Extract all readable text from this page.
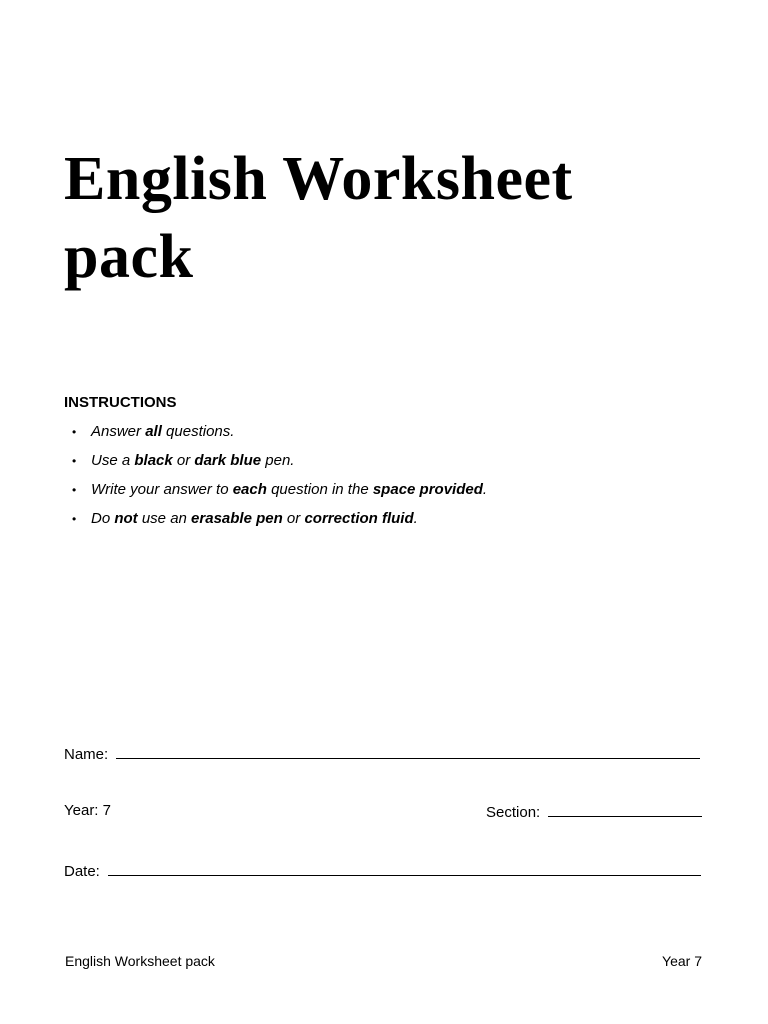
English Worksheet
pack
INSTRUCTIONS
• Answer all questions.
• Use a black or dark blue pen.
• Write your answer to each question in the space provided.
• Do not use an erasable pen or correction fluid.
Name:
Year: 7	Section:
Date:
English Worksheet pack	Year 7
